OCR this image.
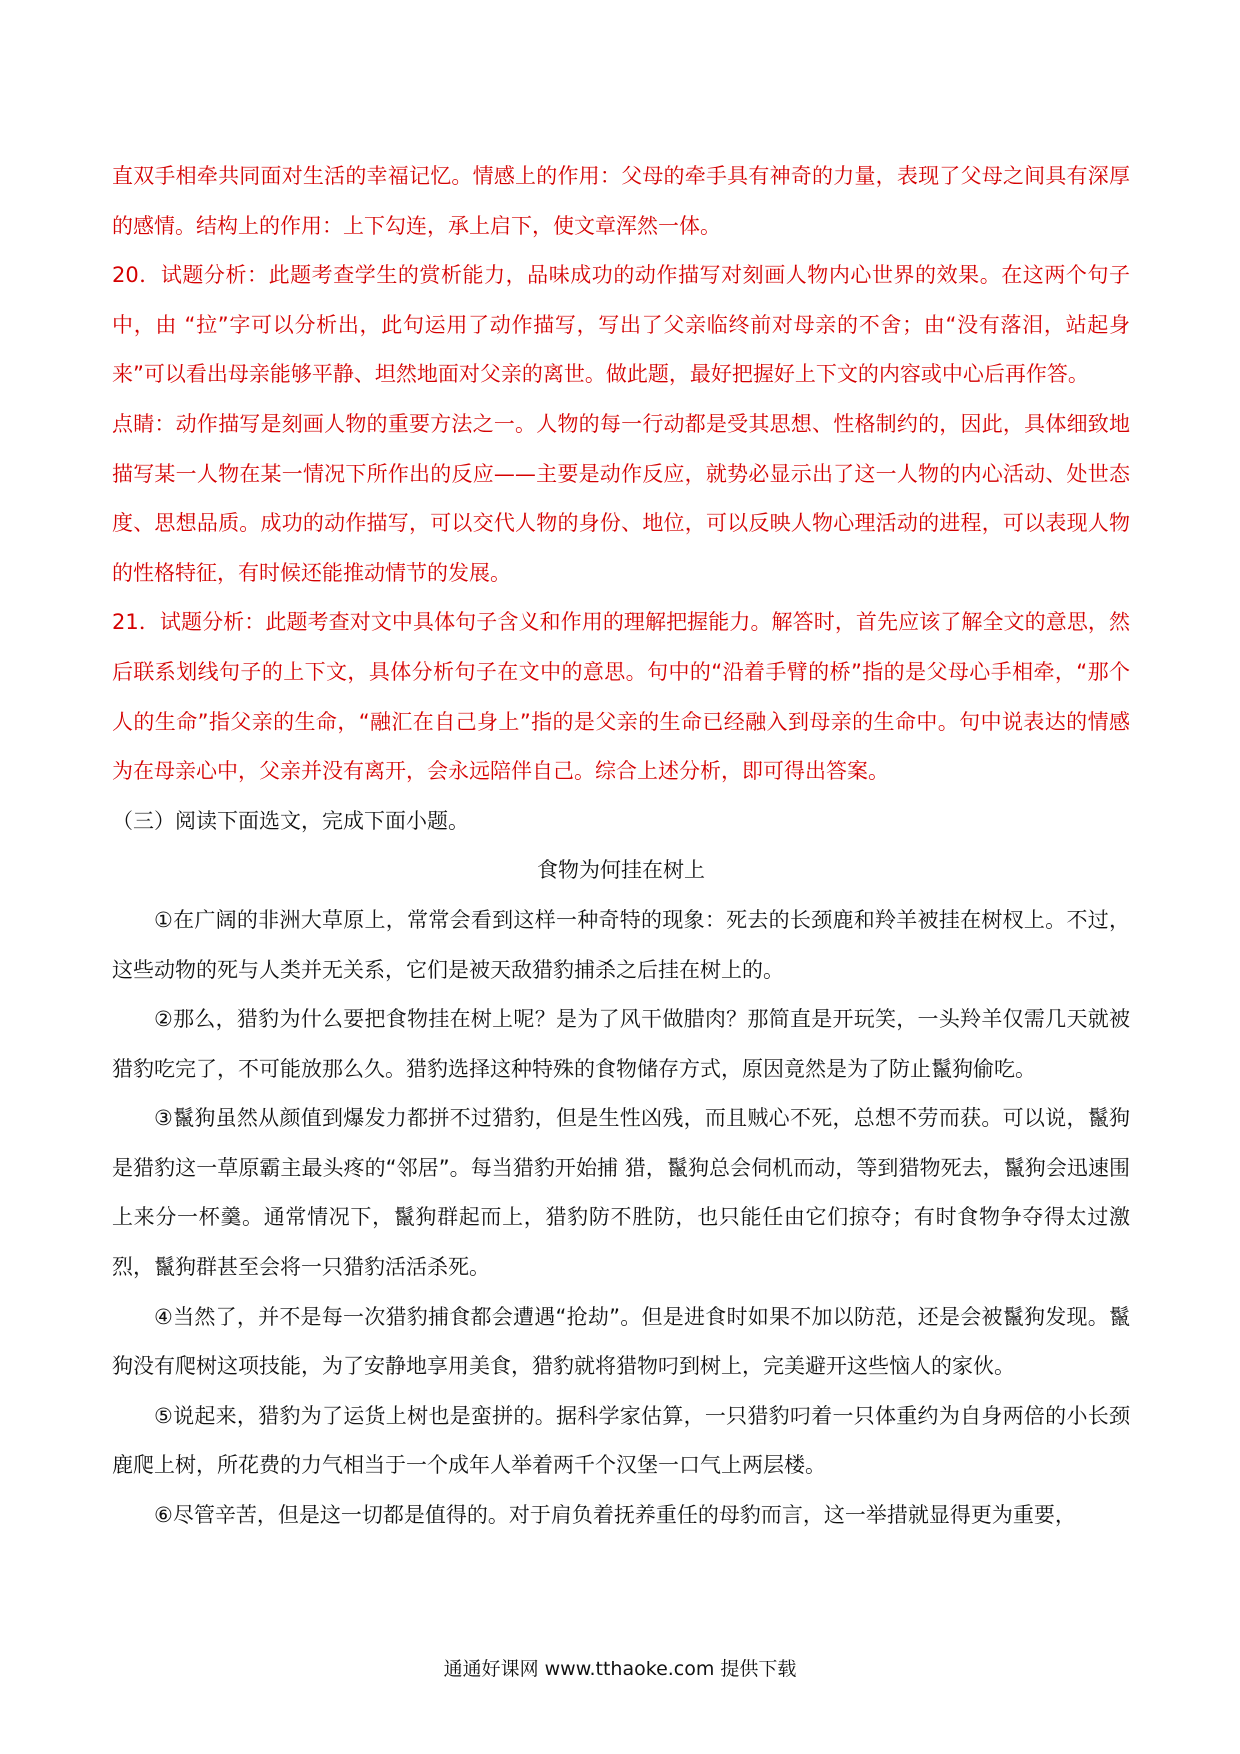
直双手相牵共同面对生活的幸福记忆。情感上的作用：父母的牵手具有神奇的力量，表现了父母之间具有深厚的感情。结构上的作用：上下勾连，承上启下，使文章浑然一体。

20．试题分析：此题考查学生的赏析能力，品味成功的动作描写对刻画人物内心世界的效果。在这两个句子中，由 “拉”字可以分析出，此句运用了动作描写，写出了父亲临终前对母亲的不舍；由“没有落泪，站起身来”可以看出母亲能够平静、坦然地面对父亲的离世。做此题，最好把握好上下文的内容或中心后再作答。

点睛：动作描写是刻画人物的重要方法之一。人物的每一行动都是受其思想、性格制约的，因此，具体细致地描写某一人物在某一情况下所作出的反应——主要是动作反应，就势必显示出了这一人物的内心活动、处世态度、思想品质。成功的动作描写，可以交代人物的身份、地位，可以反映人物心理活动的进程，可以表现人物的性格特征，有时候还能推动情节的发展。

21．试题分析：此题考查对文中具体句子含义和作用的理解把握能力。解答时，首先应该了解全文的意思，然后联系划线句子的上下文，具体分析句子在文中的意思。句中的“沿着手臂的桥”指的是父母心手相牵，“那个人的生命”指父亲的生命，“融汇在自己身上”指的是父亲的生命已经融入到母亲的生命中。句中说表达的情感为在母亲心中，父亲并没有离开，会永远陪伴自己。综合上述分析，即可得出答案。

（三）阅读下面选文，完成下面小题。

食物为何挂在树上

①在广阔的非洲大草原上，常常会看到这样一种奇特的现象：死去的长颈鹿和羚羊被挂在树杈上。不过，这些动物的死与人类并无关系，它们是被天敌猎豹捕杀之后挂在树上的。

②那么，猎豹为什么要把食物挂在树上呢？是为了风干做腊肉？那简直是开玩笑，一头羚羊仅需几天就被猎豹吃完了，不可能放那么久。猎豹选择这种特殊的食物储存方式，原因竟然是为了防止鬣狗偷吃。

③鬣狗虽然从颜值到爆发力都拼不过猎豹，但是生性凶残，而且贼心不死，总想不劳而获。可以说，鬣狗是猎豹这一草原霸主最头疼的“邻居”。每当猎豹开始捕 猎，鬣狗总会伺机而动，等到猎物死去，鬣狗会迅速围上来分一杯羹。通常情况下，鬣狗群起而上，猎豹防不胜防，也只能任由它们掠夺；有时食物争夺得太过激 烈，鬣狗群甚至会将一只猎豹活活杀死。

④当然了，并不是每一次猎豹捕食都会遭遇“抢劫”。但是进食时如果不加以防范，还是会被鬣狗发现。鬣狗没有爬树这项技能，为了安静地享用美食，猎豹就将猎物叼到树上，完美避开这些恼人的家伙。

⑤说起来，猎豹为了运货上树也是蛮拼的。据科学家估算，一只猎豹叼着一只体重约为自身两倍的小长颈鹿爬上树，所花费的力气相当于一个成年人举着两千个汉堡一口气上两层楼。

⑥尽管辛苦，但是这一切都是值得的。对于肩负着抚养重任的母豹而言，这一举措就显得更为重要，

通通好课网 www.tthaoke.com 提供下载
